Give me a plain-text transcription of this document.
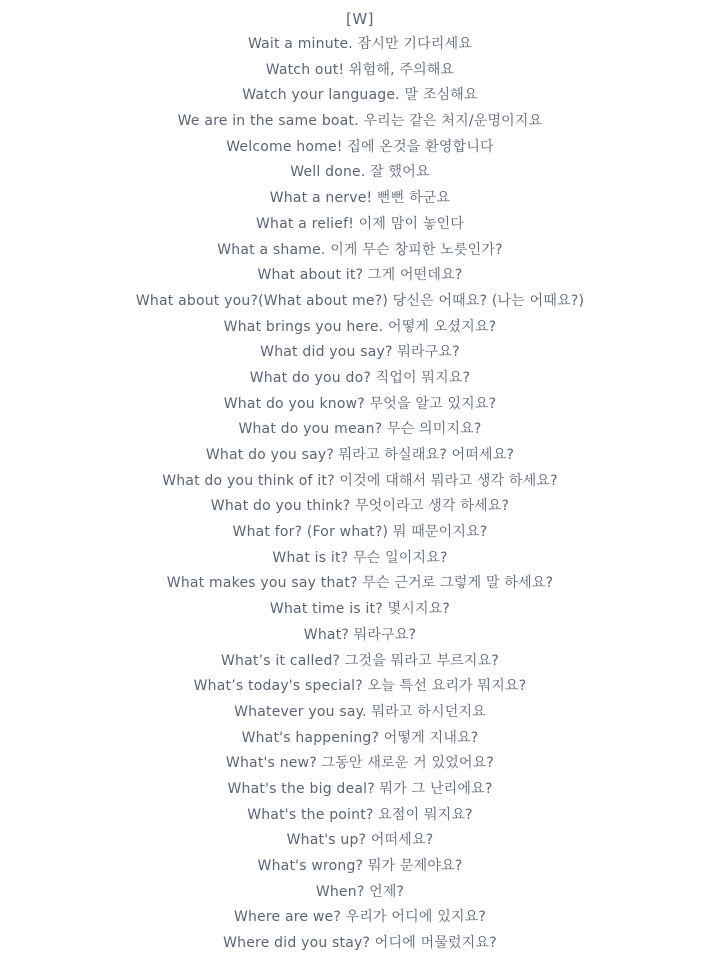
[W]
Wait a minute. 잠시만 기다리세요
Watch out! 위험해, 주의해요
Watch your language. 말 조심해요
We are in the same boat. 우리는 같은 처지/운명이지요
Welcome home! 집에 온것을 환영합니다
Well done. 잘 했어요
What a nerve! 뻔뻔 하군요
What a relief! 이제 맘이 놓인다
What a shame. 이게 무슨 창피한 노릇인가?
What about it? 그게 어떤데요?
What about you?(What about me?) 당신은 어때요? (나는 어때요?)
What brings you here. 어떻게 오셨지요?
What did you say? 뭐라구요?
What do you do? 직업이 뭐지요?
What do you know? 무엇을 알고 있지요?
What do you mean? 무슨 의미지요?
What do you say? 뭐라고 하실래요? 어떠세요?
What do you think of it? 이것에 대해서 뭐라고 생각 하세요?
What do you think? 무엇이라고 생각 하세요?
What for? (For what?) 뭐 때문이지요?
What is it? 무슨 일이지요?
What makes you say that? 무슨 근거로 그렇게 말 하세요?
What time is it? 몇시지요?
What? 뭐라구요?
What’s it called? 그것을 뭐라고 부르지요?
What’s today's special? 오늘 특선 요리가 뭐지요?
Whatever you say. 뭐라고 하시던지요
What's happening? 어떻게 지내요?
What's new? 그동안 새로운 거 있었어요?
What's the big deal? 뭐가 그 난리에요?
What's the point? 요점이 뭐지요?
What's up? 어떠세요?
What's wrong? 뭐가 문제야요?
When? 언제?
Where are we? 우리가 어디에 있지요?
Where did you stay? 어디에 머물렀지요?
